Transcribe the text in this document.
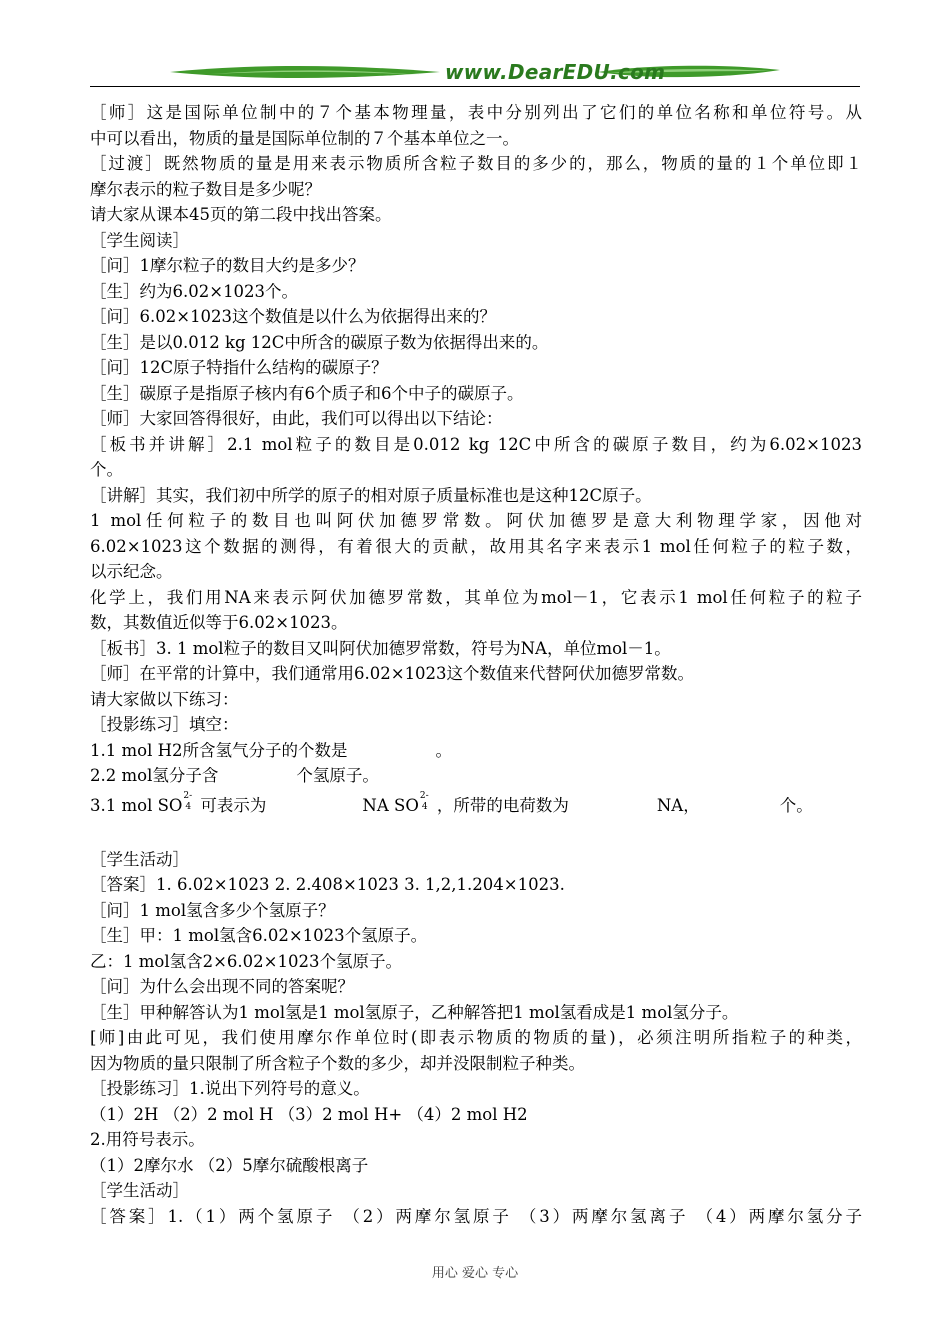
www.DearEDU.com
［师］这是国际单位制中的７个基本物理量，表中分别列出了它们的单位名称和单位符号。从
中可以看出，物质的量是国际单位制的７个基本单位之一。
［过渡］既然物质的量是用来表示物质所含粒子数目的多少的，那么，物质的量的１个单位即１
摩尔表示的粒子数目是多少呢？
请大家从课本45页的第二段中找出答案。
［学生阅读］
［问］1摩尔粒子的数目大约是多少？
［生］约为6.02×1023个。
［问］6.02×1023这个数值是以什么为依据得出来的？
［生］是以0.012 kg 12C中所含的碳原子数为依据得出来的。
［问］12C原子特指什么结构的碳原子？
［生］碳原子是指原子核内有6个质子和6个中子的碳原子。
［师］大家回答得很好，由此，我们可以得出以下结论：
［板书并讲解］2.1 mol粒子的数目是0.012 kg 12C中所含的碳原子数目，约为6.02×1023
个。
［讲解］其实，我们初中所学的原子的相对原子质量标准也是这种12C原子。
1 mol任何粒子的数目也叫阿伏加德罗常数。阿伏加德罗是意大利物理学家，因他对
6.02×1023这个数据的测得，有着很大的贡献，故用其名字来表示1 mol任何粒子的粒子数，
以示纪念。
化学上，我们用NA来表示阿伏加德罗常数，其单位为mol－1，它表示1 mol任何粒子的粒子
数，其数值近似等于6.02×1023。
［板书］3. 1 mol粒子的数目又叫阿伏加德罗常数，符号为NA，单位mol－1。
［师］在平常的计算中，我们通常用6.02×1023这个数值来代替阿伏加德罗常数。
请大家做以下练习：
［投影练习］填空：
1.1 mol H2所含氢气分子的个数是	。
2.2 mol氢分子含	个氢原子。
3.1 mol SO 2-
4 可表示为	NA SO 2-
4 ，所带的电荷数为	NA，	个。
［学生活动］
［答案］1. 6.02×1023 2. 2.408×1023 3. 1,2,1.204×1023.
［问］1 mol氢含多少个氢原子？
［生］甲：1 mol氢含6.02×1023个氢原子。
乙：1 mol氢含2×6.02×1023个氢原子。
［问］为什么会出现不同的答案呢？
［生］甲种解答认为1 mol氢是1 mol氢原子，乙种解答把1 mol氢看成是1 mol氢分子。
[师]由此可见，我们使用摩尔作单位时(即表示物质的物质的量)，必须注明所指粒子的种类，
因为物质的量只限制了所含粒子个数的多少，却并没限制粒子种类。
［投影练习］1.说出下列符号的意义。
（1）2H （2）2 mol H （3）2 mol H+ （4）2 mol H2
2.用符号表示。
（1）2摩尔水 （2）5摩尔硫酸根离子
［学生活动］
［答案］1.（1）两个氢原子 （2）两摩尔氢原子 （3）两摩尔氢离子 （4）两摩尔氢分子
用心 爱心 专心
